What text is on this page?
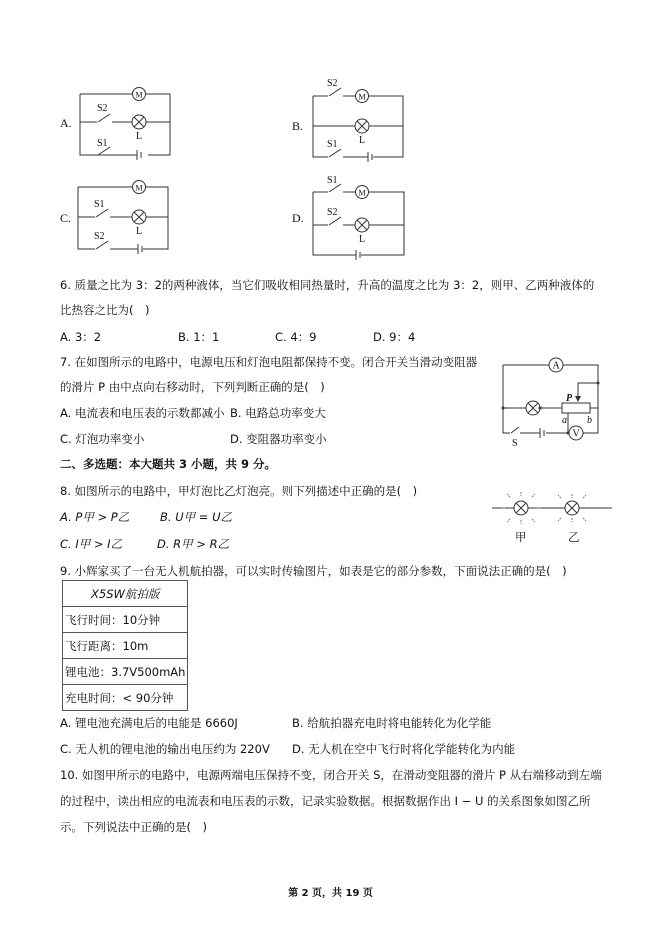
A.
M
L
S2
S1
B.
M
L
S2
S1
C.
M
L
S1
S2
D.
M
L
S1
S2
A
V
P
a b
S
甲	乙
6. 质量之比为 3：2的两种液体，当它们吸收相同热量时，升高的温度之比为 3：2，则甲、乙两种液体的
比热容之比为(　)
A. 3：2	B. 1：1	C. 4：9	D. 9：4
7. 在如图所示的电路中，电源电压和灯泡电阻都保持不变。闭合开关当滑动变阻器
的滑片 P 由中点向右移动时，下列判断正确的是(　)
A. 电流表和电压表的示数都减小 B. 电路总功率变大
C. 灯泡功率变小	D. 变阻器功率变小
二、多选题：本大题共 3 小题，共 9 分。
8. 如图所示的电路中，甲灯泡比乙灯泡亮。则下列描述中正确的是(　)
A. P甲 > P乙	B. U甲 = U乙
C. I甲 > I乙	D. R甲 > R乙
9. 小辉家买了一台无人机航拍器，可以实时传输图片，如表是它的部分参数，下面说法正确的是(　)
X5SW航拍版
飞行时间：10分钟
飞行距离：10m
锂电池：3.7V500mAh
充电时间：< 90分钟
A. 锂电池充满电后的电能是 6660J	B. 给航拍器充电时将电能转化为化学能
C. 无人机的锂电池的输出电压约为 220V D. 无人机在空中飞行时将化学能转化为内能
10. 如图甲所示的电路中，电源两端电压保持不变，闭合开关 S，在滑动变阻器的滑片 P 从右端移动到左端
的过程中，读出相应的电流表和电压表的示数，记录实验数据。根据数据作出 I − U 的关系图象如图乙所
示。下列说法中正确的是(　)
第 2 页，共 19 页
